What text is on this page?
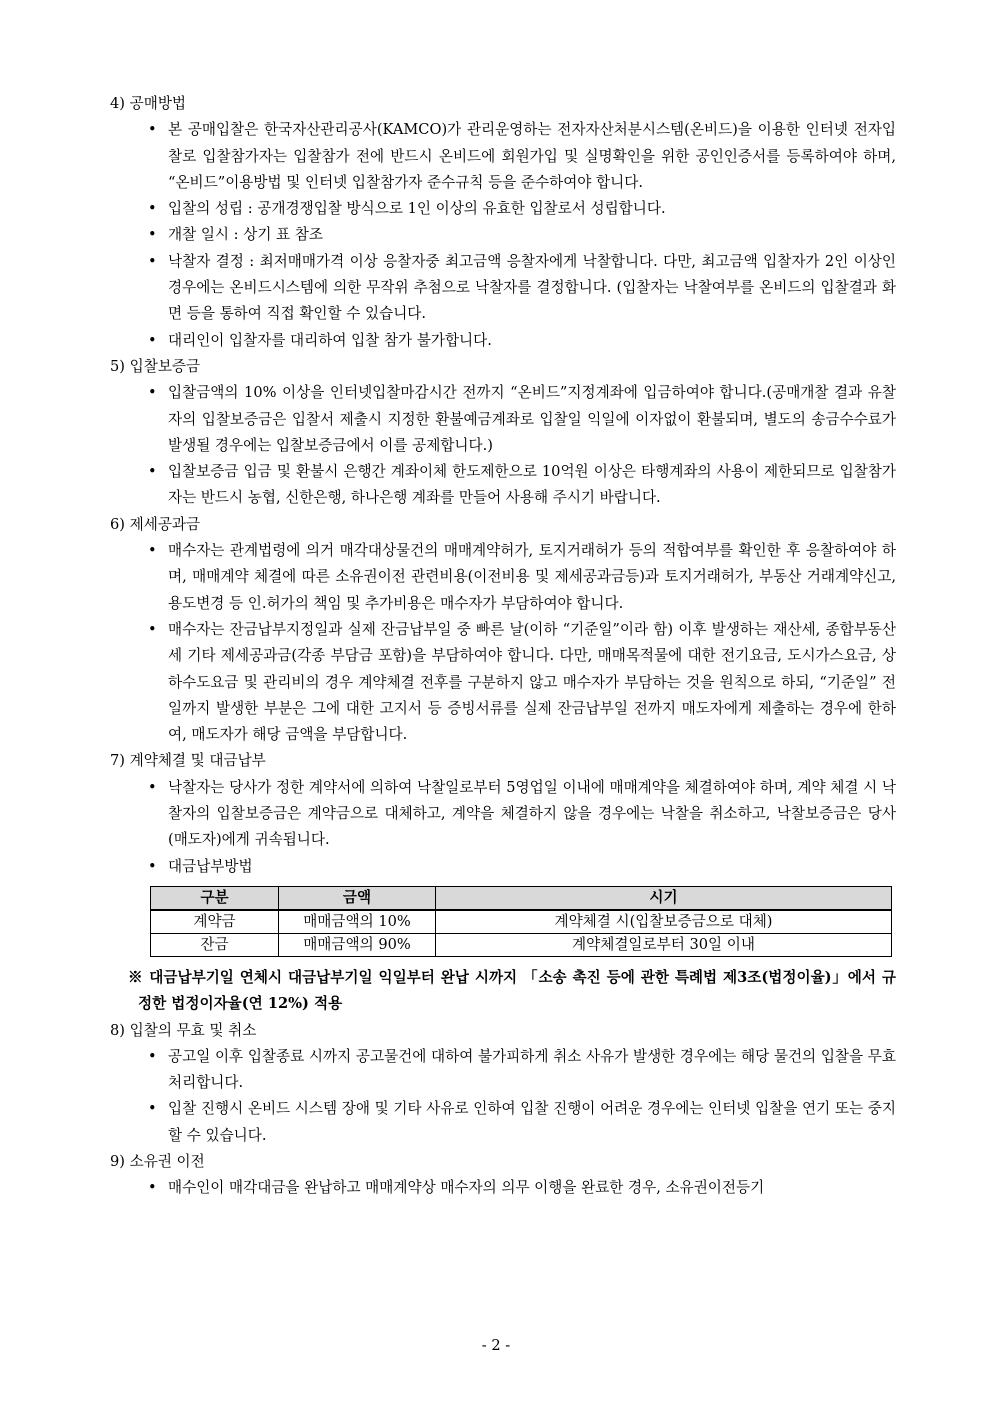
4) 공매방법
• 본 공매입찰은 한국자산관리공사(KAMCO)가 관리운영하는 전자자산처분시스템(온비드)을 이용한 인터넷 전자입찰로 입찰참가자는 입찰참가 전에 반드시 온비드에 회원가입 및 실명확인을 위한 공인인증서를 등록하여야 하며, “온비드”이용방법 및 인터넷 입찰참가자 준수규칙 등을 준수하여야 합니다.
• 입찰의 성립 : 공개경쟁입찰 방식으로 1인 이상의 유효한 입찰로서 성립합니다.
• 개찰 일시 : 상기 표 참조
• 낙찰자 결정 : 최저매매가격 이상 응찰자중 최고금액 응찰자에게 낙찰합니다. 다만, 최고금액 입찰자가 2인 이상인 경우에는 온비드시스템에 의한 무작위 추첨으로 낙찰자를 결정합니다. (입찰자는 낙찰여부를 온비드의 입찰결과 화면 등을 통하여 직접 확인할 수 있습니다.
• 대리인이 입찰자를 대리하여 입찰 참가 불가합니다.
5) 입찰보증금
• 입찰금액의 10% 이상을 인터넷입찰마감시간 전까지 “온비드”지정계좌에 입금하여야 합니다.(공매개찰 결과 유찰자의 입찰보증금은 입찰서 제출시 지정한 환불예금계좌로 입찰일 익일에 이자없이 환불되며, 별도의 송금수수료가 발생될 경우에는 입찰보증금에서 이를 공제합니다.)
• 입찰보증금 입금 및 환불시 은행간 계좌이체 한도제한으로 10억원 이상은 타행계좌의 사용이 제한되므로 입찰참가자는 반드시 농협, 신한은행, 하나은행 계좌를 만들어 사용해 주시기 바랍니다.
6) 제세공과금
• 매수자는 관계법령에 의거 매각대상물건의 매매계약허가, 토지거래허가 등의 적합여부를 확인한 후 응찰하여야 하며, 매매계약 체결에 따른 소유권이전 관련비용(이전비용 및 제세공과금등)과 토지거래허가, 부동산 거래계약신고, 용도변경 등 인.허가의 책임 및 추가비용은 매수자가 부담하여야 합니다.
• 매수자는 잔금납부지정일과 실제 잔금납부일 중 빠른 날(이하 “기준일”이라 함) 이후 발생하는 재산세, 종합부동산세 기타 제세공과금(각종 부담금 포함)을 부담하여야 합니다. 다만, 매매목적물에 대한 전기요금, 도시가스요금, 상하수도요금 및 관리비의 경우 계약체결 전후를 구분하지 않고 매수자가 부담하는 것을 원칙으로 하되, “기준일” 전일까지 발생한 부분은 그에 대한 고지서 등 증빙서류를 실제 잔금납부일 전까지 매도자에게 제출하는 경우에 한하여, 매도자가 해당 금액을 부담합니다.
7) 계약체결 및 대금납부
• 낙찰자는 당사가 정한 계약서에 의하여 낙찰일로부터 5영업일 이내에 매매계약을 체결하여야 하며, 계약 체결 시 낙찰자의 입찰보증금은 계약금으로 대체하고, 계약을 체결하지 않을 경우에는 낙찰을 취소하고, 낙찰보증금은 당사(매도자)에게 귀속됩니다.
• 대금납부방법
구분	금액	시기
계약금	매매금액의 10%	계약체결 시(입찰보증금으로 대체)
잔금	매매금액의 90%	계약체결일로부터 30일 이내
※ 대금납부기일 연체시 대금납부기일 익일부터 완납 시까지 「소송 촉진 등에 관한 특례법 제3조(법정이율)」에서 규정한 법정이자율(연 12%) 적용
8) 입찰의 무효 및 취소
• 공고일 이후 입찰종료 시까지 공고물건에 대하여 불가피하게 취소 사유가 발생한 경우에는 해당 물건의 입찰을 무효 처리합니다.
• 입찰 진행시 온비드 시스템 장애 및 기타 사유로 인하여 입찰 진행이 어려운 경우에는 인터넷 입찰을 연기 또는 중지할 수 있습니다.
9) 소유권 이전
• 매수인이 매각대금을 완납하고 매매계약상 매수자의 의무 이행을 완료한 경우, 소유권이전등기
- 2 -
